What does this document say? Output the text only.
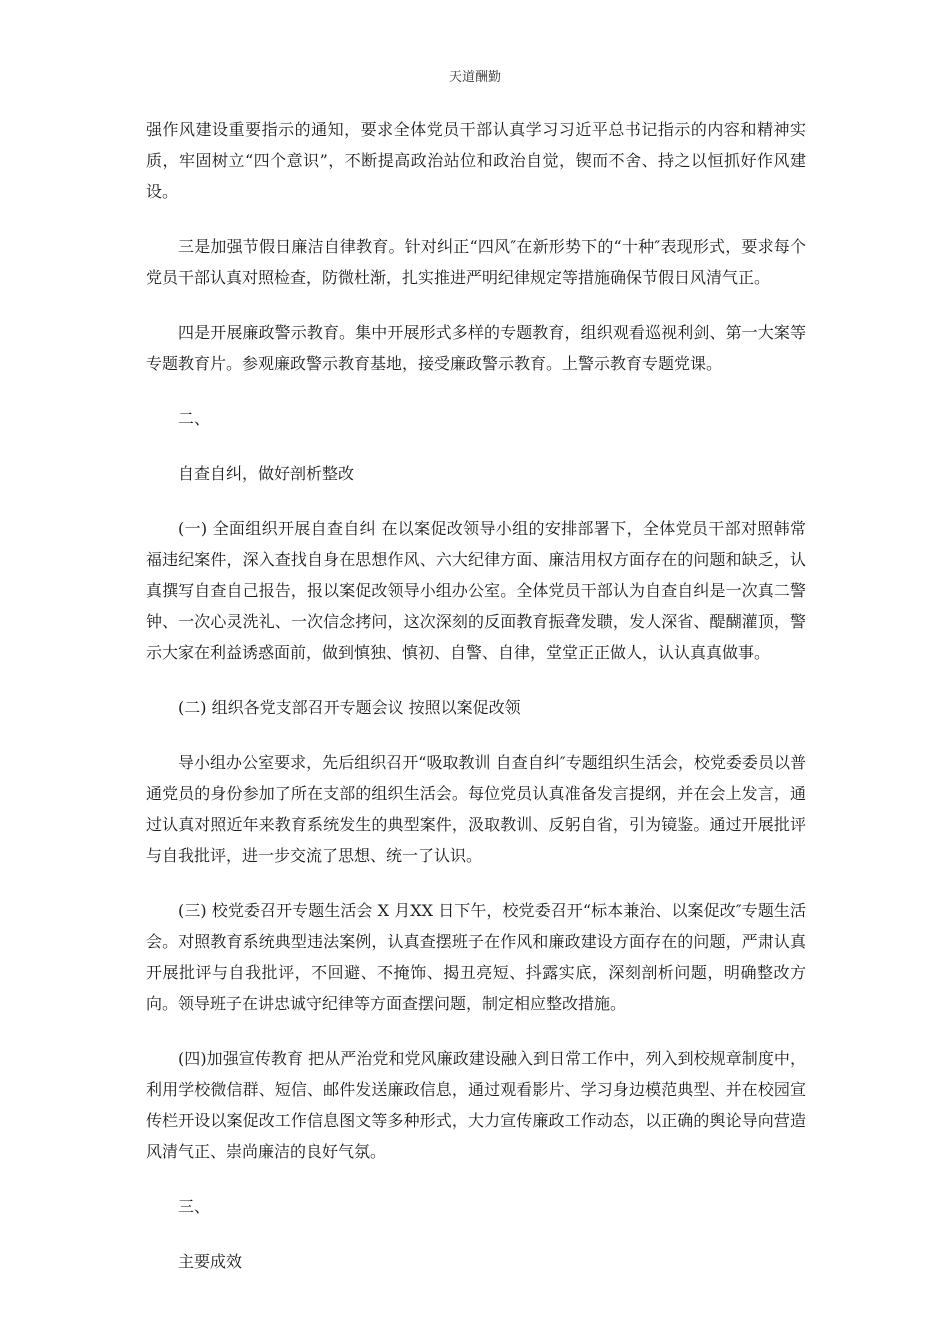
天道酬勤

强作风建设重要指示的通知，要求全体党员干部认真学习习近平总书记指示的内容和精神实质，牢固树立“四个意识”，不断提高政治站位和政治自觉，锲而不舍、持之以恒抓好作风建设。

三是加强节假日廉洁自律教育。针对纠正“四风″在新形势下的“十种″表现形式，要求每个党员干部认真对照检查，防微杜渐，扎实推进严明纪律规定等措施确保节假日风清气正。

四是开展廉政警示教育。集中开展形式多样的专题教育，组织观看巡视利剑、第一大案等专题教育片。参观廉政警示教育基地，接受廉政警示教育。上警示教育专题党课。

二、

自查自纠，做好剖析整改

(一) 全面组织开展自查自纠 在以案促改领导小组的安排部署下，全体党员干部对照韩常福违纪案件，深入查找自身在思想作风、六大纪律方面、廉洁用权方面存在的问题和缺乏，认真撰写自查自己报告，报以案促改领导小组办公室。全体党员干部认为自查自纠是一次真二警钟、一次心灵洗礼、一次信念拷问，这次深刻的反面教育振聋发聩，发人深省、醍醐灌顶，警示大家在利益诱惑面前，做到慎独、慎初、自警、自律，堂堂正正做人，认认真真做事。

(二) 组织各党支部召开专题会议 按照以案促改领

导小组办公室要求，先后组织召开“吸取教训 自查自纠″专题组织生活会，校党委委员以普通党员的身份参加了所在支部的组织生活会。每位党员认真准备发言提纲，并在会上发言，通过认真对照近年来教育系统发生的典型案件，汲取教训、反躬自省，引为镜鉴。通过开展批评与自我批评，进一步交流了思想、统一了认识。

(三) 校党委召开专题生活会 X 月XX 日下午，校党委召开“标本兼治、以案促改″专题生活会。对照教育系统典型违法案例，认真查摆班子在作风和廉政建设方面存在的问题，严肃认真开展批评与自我批评，不回避、不掩饰、揭丑亮短、抖露实底，深刻剖析问题，明确整改方向。领导班子在讲忠诚守纪律等方面查摆问题，制定相应整改措施。

(四)加强宣传教育 把从严治党和党风廉政建设融入到日常工作中，列入到校规章制度中，利用学校微信群、短信、邮件发送廉政信息，通过观看影片、学习身边模范典型、并在校园宣传栏开设以案促改工作信息图文等多种形式，大力宣传廉政工作动态，以正确的舆论导向营造风清气正、崇尚廉洁的良好气氛。

三、

主要成效
